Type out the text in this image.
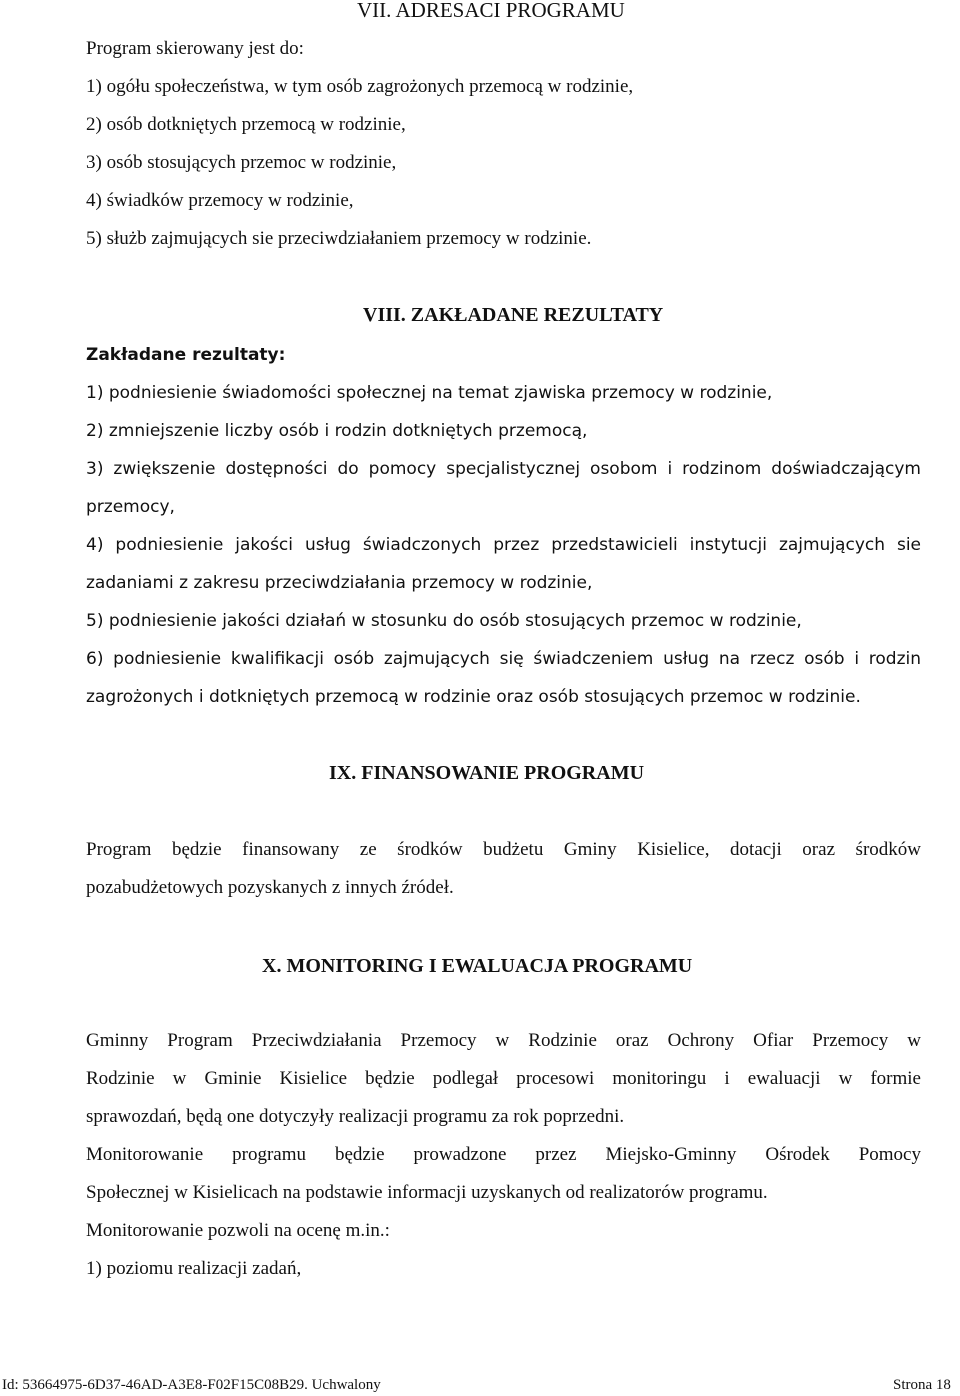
VII. ADRESACI PROGRAMU
Program skierowany jest do:
1) ogółu społeczeństwa, w tym osób zagrożonych przemocą w rodzinie,
2) osób dotkniętych przemocą w rodzinie,
3) osób stosujących przemoc w rodzinie,
4) świadków przemocy w rodzinie,
5) służb zajmujących sie przeciwdziałaniem przemocy w rodzinie.
VIII. ZAKŁADANE REZULTATY
Zakładane rezultaty:
1) podniesienie świadomości społecznej na temat zjawiska przemocy w rodzinie,
2) zmniejszenie liczby osób i rodzin dotkniętych przemocą,
3) zwiększenie dostępności do pomocy specjalistycznej osobom i rodzinom doświadczającym
przemocy,
4) podniesienie jakości usług świadczonych przez przedstawicieli instytucji zajmujących sie
zadaniami z zakresu przeciwdziałania przemocy w rodzinie,
5) podniesienie jakości działań w stosunku do osób stosujących przemoc w rodzinie,
6) podniesienie kwalifikacji osób zajmujących się świadczeniem usług na rzecz osób i rodzin
zagrożonych i dotkniętych przemocą w rodzinie oraz osób stosujących przemoc w rodzinie.
IX. FINANSOWANIE PROGRAMU
Program będzie finansowany ze środków budżetu Gminy Kisielice, dotacji oraz środków
pozabudżetowych pozyskanych z innych źródeł.
X. MONITORING I EWALUACJA PROGRAMU
Gminny Program Przeciwdziałania Przemocy w Rodzinie oraz Ochrony Ofiar Przemocy w
Rodzinie w Gminie Kisielice będzie podlegał procesowi monitoringu i ewaluacji w formie
sprawozdań, będą one dotyczyły realizacji programu za rok poprzedni.
Monitorowanie programu będzie prowadzone przez Miejsko-Gminny Ośrodek Pomocy
Społecznej w Kisielicach na podstawie informacji uzyskanych od realizatorów programu.
Monitorowanie pozwoli na ocenę m.in.:
1) poziomu realizacji zadań,
Id: 53664975-6D37-46AD-A3E8-F02F15C08B29. Uchwalony	Strona 18
